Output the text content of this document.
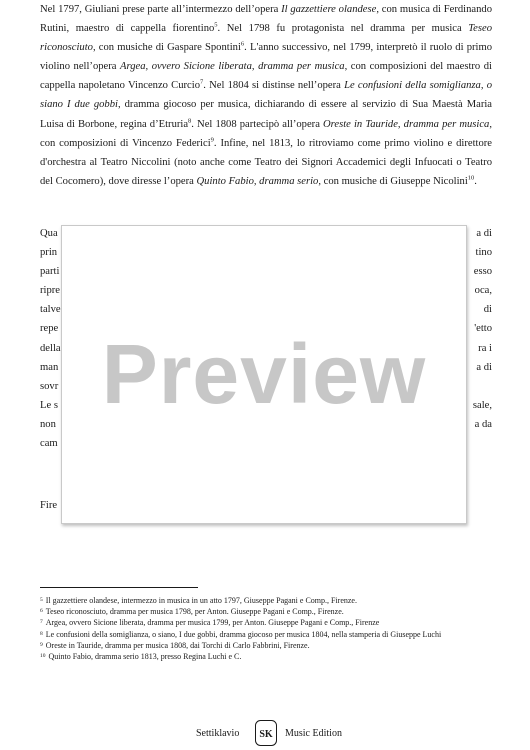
Nel 1797, Giuliani prese parte all’intermezzo dell’opera Il gazzettiere olandese, con musica di Ferdinando Rutini, maestro di cappella fiorentino$^5$. Nel 1798 fu protagonista nel dramma per musica Teseo riconosciuto, con musiche di Gaspare Spontini$^6$. L'anno successivo, nel 1799, interpretò il ruolo di primo violino nell’opera Argea, ovvero Sicione liberata, dramma per musica, con composizioni del maestro di cappella napoletano Vincenzo Curcio$^7$. Nel 1804 si distinse nell’opera Le confusioni della somiglianza, o siano I due gobbi, dramma giocoso per musica, dichiarando di essere al servizio di Sua Maestà Maria Luisa di Borbone, regina d’Etruria$^8$. Nel 1808 partecipò all’opera Oreste in Tauride, dramma per musica, con composizioni di Vincenzo Federici$^9$. Infine, nel 1813, lo ritroviamo come primo violino e direttore d'orchestra al Teatro Niccolini (noto anche come Teatro dei Signori Accademici degli Infuocati o Teatro del Cocomero), dove diresse l’opera Quinto Fabio, dramma serio, con musiche di Giuseppe Nicolini$^{10}$.

Qua	a di
prin	tino
parti	esso
ripre	oca,
talve	di
repe	'etto
della	ra i
man	a di
sovr
Le s	sale,
non	a da
cam
Fire
Preview
5 Il gazzettiere olandese, intermezzo in musica in un atto 1797, Giuseppe Pagani e Comp., Firenze.
6 Teseo riconosciuto, dramma per musica 1798, per Anton. Giuseppe Pagani e Comp., Firenze.
7 Argea, ovvero Sicione liberata, dramma per musica 1799, per Anton. Giuseppe Pagani e Comp., Firenze
8 Le confusioni della somiglianza, o siano, I due gobbi, dramma giocoso per musica 1804, nella stamperia di Giuseppe Luchi
9 Oreste in Tauride, dramma per musica 1808, dai Torchi di Carlo Fabbrini, Firenze.
10 Quinto Fabio, dramma serio 1813, presso Regina Luchi e C.
Settiklavio SK Music Edition
